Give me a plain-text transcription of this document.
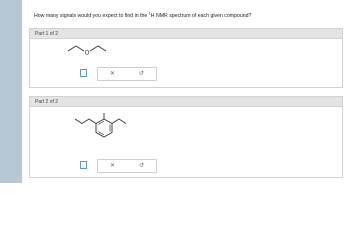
How many signals would you expect to find in the $^1$H NMR spectrum of each given compound?
Part 1 of 2
O
✕	↺
Part 2 of 2
✕	↺
